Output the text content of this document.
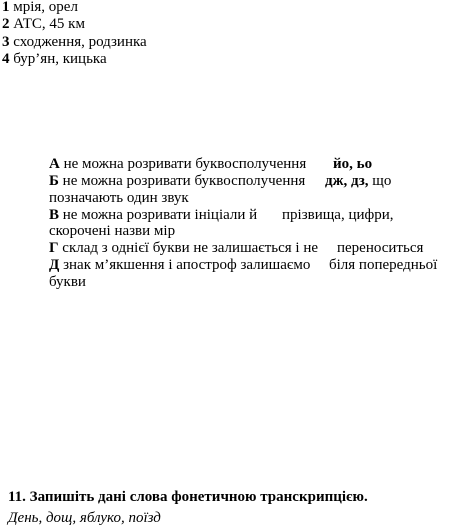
1 мрія, орел
2 АТС, 45 км
3 сходження, родзинка
4 бур’ян, кицька
А не можна розривати буквосполучення йо, ьо
Б не можна розривати буквосполучення дж, дз, що
позначають один звук
В не можна розривати ініціали й прізвища, цифри,
скорочені назви мір
Г склад з однієї букви не залишається і не переноситься
Д знак м’якшення і апостроф залишаємо біля попередньої
букви
11. Запишіть дані слова фонетичною транскрипцією.
День, дощ, яблуко, поїзд
